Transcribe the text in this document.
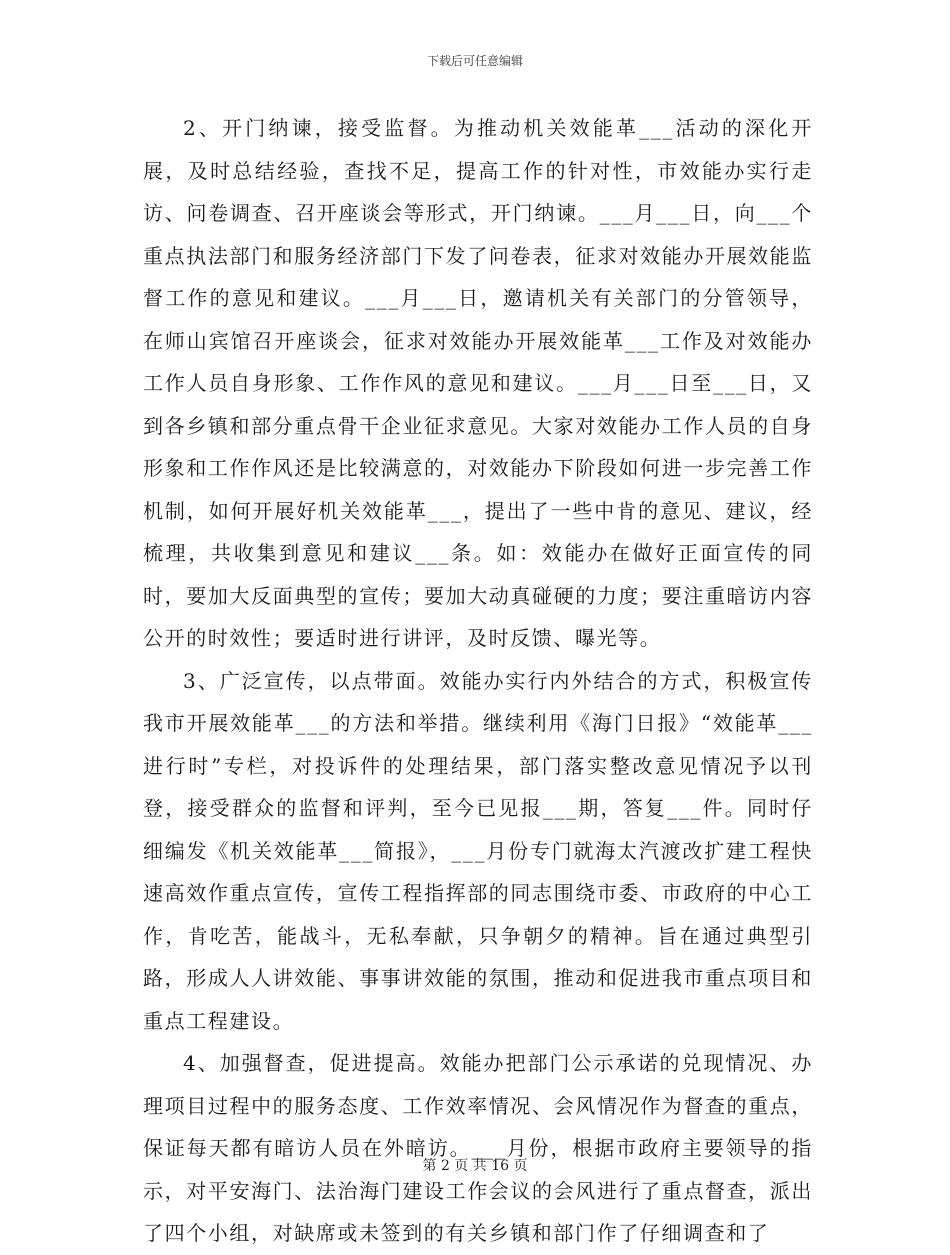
下载后可任意编辑

2、开门纳谏，接受监督。为推动机关效能革___活动的深化开展，及时总结经验，查找不足，提高工作的针对性，市效能办实行走访、问卷调查、召开座谈会等形式，开门纳谏。___月___日，向___个重点执法部门和服务经济部门下发了问卷表，征求对效能办开展效能监督工作的意见和建议。___月___日，邀请机关有关部门的分管领导，在师山宾馆召开座谈会，征求对效能办开展效能革___工作及对效能办工作人员自身形象、工作作风的意见和建议。___月___日至___日，又到各乡镇和部分重点骨干企业征求意见。大家对效能办工作人员的自身形象和工作作风还是比较满意的，对效能办下阶段如何进一步完善工作机制，如何开展好机关效能革___，提出了一些中肯的意见、建议，经梳理，共收集到意见和建议___条。如：效能办在做好正面宣传的同时，要加大反面典型的宣传；要加大动真碰硬的力度；要注重暗访内容公开的时效性；要适时进行讲评，及时反馈、曝光等。

3、广泛宣传，以点带面。效能办实行内外结合的方式，积极宣传我市开展效能革___的方法和举措。继续利用《海门日报》“效能革___进行时”专栏，对投诉件的处理结果，部门落实整改意见情况予以刊登，接受群众的监督和评判，至今已见报___期，答复___件。同时仔细编发《机关效能革___简报》，___月份专门就海太汽渡改扩建工程快速高效作重点宣传，宣传工程指挥部的同志围绕市委、市政府的中心工作，肯吃苦，能战斗，无私奉献，只争朝夕的精神。旨在通过典型引路，形成人人讲效能、事事讲效能的氛围，推动和促进我市重点项目和重点工程建设。

4、加强督查，促进提高。效能办把部门公示承诺的兑现情况、办理项目过程中的服务态度、工作效率情况、会风情况作为督查的重点，保证每天都有暗访人员在外暗访。___月份，根据市政府主要领导的指示，对平安海门、法治海门建设工作会议的会风进行了重点督查，派出了四个小组，对缺席或未签到的有关乡镇和部门作了仔细调查和了

第 2 页 共 16 页
